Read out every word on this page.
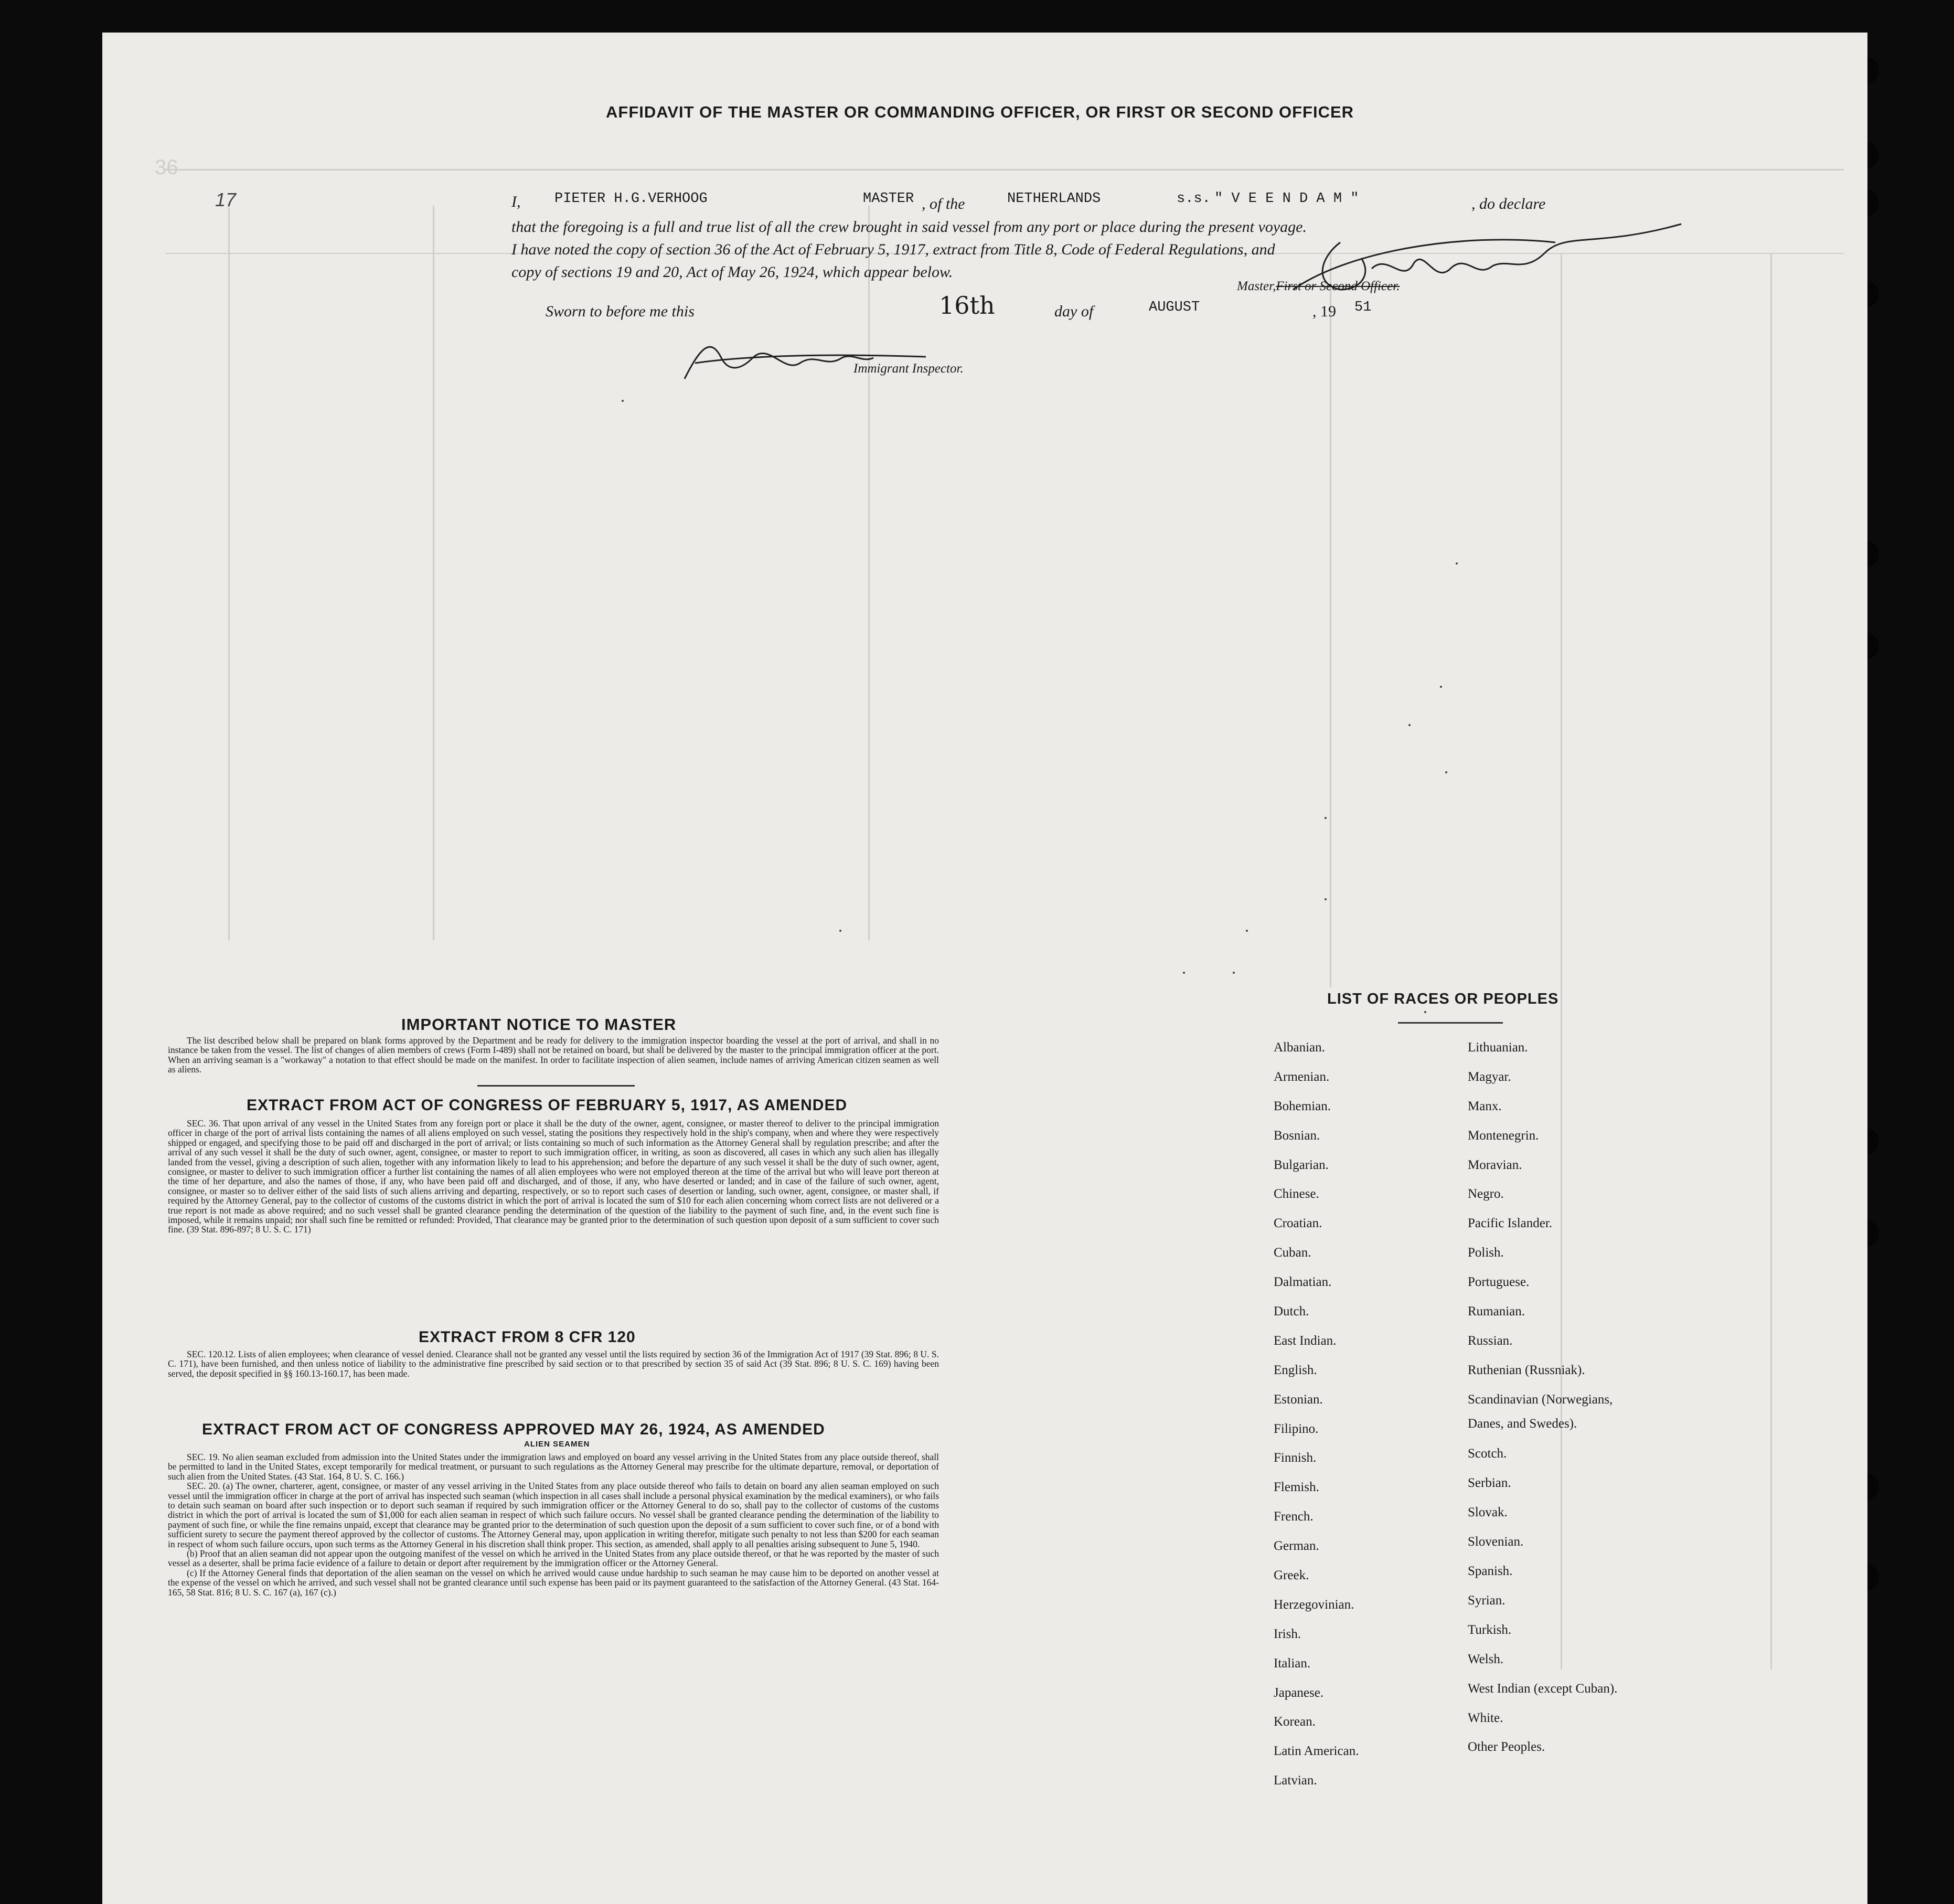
17
36
AFFIDAVIT OF THE MASTER OR COMMANDING OFFICER, OR FIRST OR SECOND OFFICER
I, PIETER H.G.VERHOOG	MASTER , of the	NETHERLANDS	s.s. " V E E N D A M "	, do declare
that the foregoing is a full and true list of all the crew brought in said vessel from any port or place during the present voyage.
I have noted the copy of section 36 of the Act of February 5, 1917, extract from Title 8, Code of Federal Regulations, and
copy of sections 19 and 20, Act of May 26, 1924, which appear below.
Master,First or Second Officer.
Sworn to before me this	16th	day of	AUGUST	, 19 51
Immigrant Inspector.
IMPORTANT NOTICE TO MASTER

The list described below shall be prepared on blank forms approved by the Department and be ready for delivery to the immigration inspector boarding the vessel at the port of arrival, and shall in no instance be taken from the vessel. The list of changes of alien members of crews (Form I-489) shall not be retained on board, but shall be delivered by the master to the principal immigration officer at the port. When an arriving seaman is a "workaway" a notation to that effect should be made on the manifest. In order to facilitate inspection of alien seamen, include names of arriving American citizen seamen as well as aliens.

EXTRACT FROM ACT OF CONGRESS OF FEBRUARY 5, 1917, AS AMENDED

SEC. 36. That upon arrival of any vessel in the United States from any foreign port or place it shall be the duty of the owner, agent, consignee, or master thereof to deliver to the principal immigration officer in charge of the port of arrival lists containing the names of all aliens employed on such vessel, stating the positions they respectively hold in the ship's company, when and where they were respectively shipped or engaged, and specifying those to be paid off and discharged in the port of arrival; or lists containing so much of such information as the Attorney General shall by regulation prescribe; and after the arrival of any such vessel it shall be the duty of such owner, agent, consignee, or master to report to such immigration officer, in writing, as soon as discovered, all cases in which any such alien has illegally landed from the vessel, giving a description of such alien, together with any information likely to lead to his apprehension; and before the departure of any such vessel it shall be the duty of such owner, agent, consignee, or master to deliver to such immigration officer a further list containing the names of all alien employees who were not employed thereon at the time of the arrival but who will leave port thereon at the time of her departure, and also the names of those, if any, who have been paid off and discharged, and of those, if any, who have deserted or landed; and in case of the failure of such owner, agent, consignee, or master so to deliver either of the said lists of such aliens arriving and departing, respectively, or so to report such cases of desertion or landing, such owner, agent, consignee, or master shall, if required by the Attorney General, pay to the collector of customs of the customs district in which the port of arrival is located the sum of $10 for each alien concerning whom correct lists are not delivered or a true report is not made as above required; and no such vessel shall be granted clearance pending the determination of the question of the liability to the payment of such fine, and, in the event such fine is imposed, while it remains unpaid; nor shall such fine be remitted or refunded: Provided, That clearance may be granted prior to the determination of such question upon deposit of a sum sufficient to cover such fine. (39 Stat. 896-897; 8 U. S. C. 171)

EXTRACT FROM 8 CFR 120

SEC. 120.12. Lists of alien employees; when clearance of vessel denied. Clearance shall not be granted any vessel until the lists required by section 36 of the Immigration Act of 1917 (39 Stat. 896; 8 U. S. C. 171), have been furnished, and then unless notice of liability to the administrative fine prescribed by said section or to that prescribed by section 35 of said Act (39 Stat. 896; 8 U. S. C. 169) having been served, the deposit specified in §§ 160.13-160.17, has been made.

EXTRACT FROM ACT OF CONGRESS APPROVED MAY 26, 1924, AS AMENDED
ALIEN SEAMEN

SEC. 19. No alien seaman excluded from admission into the United States under the immigration laws and employed on board any vessel arriving in the United States from any place outside thereof, shall be permitted to land in the United States, except temporarily for medical treatment, or pursuant to such regulations as the Attorney General may prescribe for the ultimate departure, removal, or deportation of such alien from the United States. (43 Stat. 164, 8 U. S. C. 166.)

SEC. 20. (a) The owner, charterer, agent, consignee, or master of any vessel arriving in the United States from any place outside thereof who fails to detain on board any alien seaman employed on such vessel until the immigration officer in charge at the port of arrival has inspected such seaman (which inspection in all cases shall include a personal physical examination by the medical examiners), or who fails to detain such seaman on board after such inspection or to deport such seaman if required by such immigration officer or the Attorney General to do so, shall pay to the collector of customs of the customs district in which the port of arrival is located the sum of $1,000 for each alien seaman in respect of which such failure occurs. No vessel shall be granted clearance pending the determination of the liability to payment of such fine, or while the fine remains unpaid, except that clearance may be granted prior to the determination of such question upon the deposit of a sum sufficient to cover such fine, or of a bond with sufficient surety to secure the payment thereof approved by the collector of customs. The Attorney General may, upon application in writing therefor, mitigate such penalty to not less than $200 for each seaman in respect of whom such failure occurs, upon such terms as the Attorney General in his discretion shall think proper. This section, as amended, shall apply to all penalties arising subsequent to June 5, 1940.

(b) Proof that an alien seaman did not appear upon the outgoing manifest of the vessel on which he arrived in the United States from any place outside thereof, or that he was reported by the master of such vessel as a deserter, shall be prima facie evidence of a failure to detain or deport after requirement by the immigration officer or the Attorney General.

(c) If the Attorney General finds that deportation of the alien seaman on the vessel on which he arrived would cause undue hardship to such seaman he may cause him to be deported on another vessel at the expense of the vessel on which he arrived, and such vessel shall not be granted clearance until such expense has been paid or its payment guaranteed to the satisfaction of the Attorney General. (43 Stat. 164-165, 58 Stat. 816; 8 U. S. C. 167 (a), 167 (c).)

LIST OF RACES OR PEOPLES
Albanian.
Armenian.
Bohemian.
Bosnian.
Bulgarian.
Chinese.
Croatian.
Cuban.
Dalmatian.
Dutch.
East Indian.
English.
Estonian.
Filipino.
Finnish.
Flemish.
French.
German.
Greek.
Herzegovinian.
Irish.
Italian.
Japanese.
Korean.
Latin American.
Latvian.
Lithuanian.
Magyar.
Manx.
Montenegrin.
Moravian.
Negro.
Pacific Islander.
Polish.
Portuguese.
Rumanian.
Russian.
Ruthenian (Russniak).
Scandinavian (Norwegians, Danes, and Swedes).
Scotch.
Serbian.
Slovak.
Slovenian.
Spanish.
Syrian.
Turkish.
Welsh.
West Indian (except Cuban).
White.
Other Peoples.
